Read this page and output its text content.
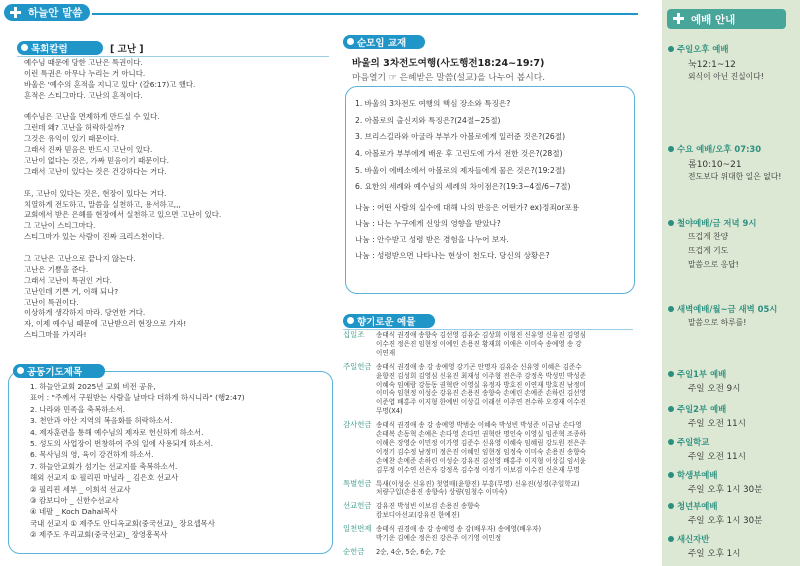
하늘안 말씀
목회칼럼	[ 고난 ]
예수님 때문에 당한 고난은 특권이다.
이런 특권은 아무나 누리는 거 아니다.
바울은 '예수의 흔적을 지니고 있다' (갈6:17)고 했다.
흔적은 스티그마다. 고난의 흔적이다.
예수님은 고난을 면제하게 만드실 수 있다.
그런데 왜? 고난을 허락하실까?
그것은 유익이 있기 때문이다.
그래서 진짜 믿음은 반드시 고난이 있다.
고난이 없다는 것은, 가짜 믿음이기 때문이다.
그래서 고난이 있다는 것은 건강하다는 거다.
또, 고난이 있다는 것은, 현장이 있다는 거다.
치열하게 전도하고, 말씀을 실천하고, 용서하고,,,
교회에서 받은 은혜를 현장에서 실천하고 있으면 고난이 있다.
그 고난이 스티그마다.
스티그마가 있는 사람이 진짜 크리스천이다.
그 고난은 고난으로 끝나지 않는다.
고난은 기쁨을 준다.
그래서 고난이 특권인 거다.
고난인데 기쁜 거, 이해 되나?
고난이 특권이다.
이상하게 생각하지 마라. 당연한 거다.
자, 이제 예수님 때문에 고난받으러 현장으로 가자!
스티그마를 가지라!
공동기도제목
1. 하늘안교회 2025년 교회 비전 공유,
표어 : "주께서 구원받는 사람을 날마다 더하게 하시니라" (행2:47)
2. 나라와 민족을 축복하소서.
3. 천안과 아산 지역의 복음화를 허락하소서.
4. 제자훈련을 통해 예수님의 제자로 헌신하게 하소서.
5. 성도의 사업장이 번창하여 주의 일에 사용되게 하소서.
6. 목사님의 영, 육이 강건하게 하소서.
7. 하늘안교회가 섬기는 선교지를 축복하소서.
해외 선교지 ① 필리핀 마닐라 _ 김은호 선교사
② 필리핀 세부 _ 이희석 선교사
③ 캄보디아 _ 신한수선교사
④ 네팔 _ Koch Dahal목사
국내 선교지 ① 제주도 안디옥교회(중국선교)_ 장요셉목사
② 제주도 우리교회(중국선교)_ 장영흥목사
순모임 교재
바울의 3차전도여행(사도행전18:24~19:7)
마음열기 ☞ 은혜받은 말씀(설교)을 나누어 봅시다.
1. 바울의 3차전도 여행의 핵심 장소와 특징은?
2. 아볼로의 출신지와 특징은?(24절~25절)
3. 브리스길라와 아굴라 부부가 아볼로에게 일러준 것은?(26절)
4. 아볼로가 부부에게 배운 후 고린도에 가서 전한 것은?(28절)
5. 바울이 에베소에서 아볼로의 제자들에게 물은 것은?(19:2절)
6. 요한의 세례와 예수님의 세례의 차이점은?(19:3~4절/6~7절)
나눔 : 어떤 사람의 실수에 대해 나의 반응은 어떤가? ex)정죄or포용
나눔 : 나는 누구에게 신앙의 영향을 받았나?
나눔 : 안수받고 성령 받은 경험을 나누어 보자.
나눔 : 성령받으면 나타나는 현상이 천도다. 당신의 상황은?
향기로운 예물
십일조 송태식 권경애 송향숙 김선영 김유순 김상희 이형진 신유영 신유진 김영심
이수진 정은진 임현정 이예인 손용진 황재희 이애은 이미숙 송예영 송 강
이연재
주일헌금 송태식 권경애 송 강 송예영 강기곤 안명자 김유순 신유영 이혜은 김준수
윤향진 김성희 김영심 신유진 최재성 이주형 전은주 강정옥 박성민 박성준
이혜숙 임예람 강동동 권혁란 이영실 유정자 방호진 이연재 방호진 남정미
이미숙 임현정 이성순 강유진 손용진 송향숙 손예린 손예준 손하린 김선영
이준엽 배홍주 이지형 한예빈 이상길 이래선 이주연 전수하 오경재 이수진
무명(X4)
감사헌금 송태식 권경애 송 강 송예영 박범순 이혜숙 박성빈 박성준 이금남 손다영
손태복 손동혁 손예은 손다영 손다민 권혁란 명인숙 이영실 임준혁 조종하
이해은 장영순 이민정 이가영 김준수 신유영 이혜숙 임혜림 강도원 전은주
이정기 김수정 남정미 정은진 이혜인 임현정 임정숙 이미숙 손용진 송향숙
손예찬 손예준 손하린 이성순 강유진 김선영 배홍주 이지형 이상길 임서윤
김무정 이수연 선은자 강정옥 김수정 이정기 이보검 이수진 신은재 무명
특별헌금 특새(이성순 신유진) 첫열매(윤향진) 부흥(무명) 신유진(성경(주일학교)
처량구입(손용진 송향숙) 상량(임청수 이미숙)
선교헌금 강유진 박성빈 이보검 손용진 송향숙
캄보디아선교(강유진 한예진)
일천번제 송태식 권경애 송 강 송예영 송 강(배우자) 송예영(배우자)
박기운 김예순 정은진 강은주 이기영 이민정
순헌금 2순, 4순, 5순, 6순, 7순
예배 안내
주일오후 예배
눅12:1~12
외식이 아닌 진실이다!
수요 예배/오후 07:30
롬10:10~21
전도보다 위대한 일은 없다!
철야예배/금 저녁 9시
뜨겁게 찬양
뜨겁게 기도
말씀으로 응답!
새벽예배/월~금 새벽 05시
말씀으로 하루를!
주일1부 예배
주일 오전 9시
주일2부 예배
주일 오전 11시
주일학교
주일 오전 11시
학생부예배
주일 오후 1시 30분
청년부예배
주일 오후 1시 30분
새신자반
주일 오후 1시
